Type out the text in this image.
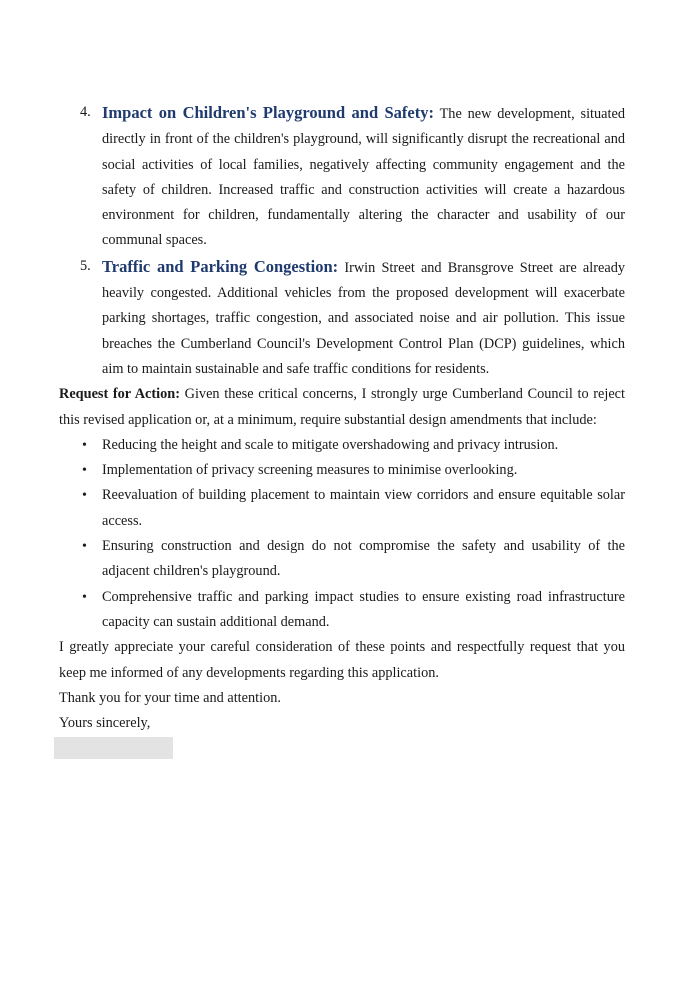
4. Impact on Children's Playground and Safety: The new development, situated directly in front of the children's playground, will significantly disrupt the recreational and social activities of local families, negatively affecting community engagement and the safety of children. Increased traffic and construction activities will create a hazardous environment for children, fundamentally altering the character and usability of our communal spaces.
5. Traffic and Parking Congestion: Irwin Street and Bransgrove Street are already heavily congested. Additional vehicles from the proposed development will exacerbate parking shortages, traffic congestion, and associated noise and air pollution. This issue breaches the Cumberland Council's Development Control Plan (DCP) guidelines, which aim to maintain sustainable and safe traffic conditions for residents.

Request for Action: Given these critical concerns, I strongly urge Cumberland Council to reject this revised application or, at a minimum, require substantial design amendments that include:

• Reducing the height and scale to mitigate overshadowing and privacy intrusion.
• Implementation of privacy screening measures to minimise overlooking.
• Reevaluation of building placement to maintain view corridors and ensure equitable solar access.
• Ensuring construction and design do not compromise the safety and usability of the adjacent children's playground.
• Comprehensive traffic and parking impact studies to ensure existing road infrastructure capacity can sustain additional demand.

I greatly appreciate your careful consideration of these points and respectfully request that you keep me informed of any developments regarding this application.

Thank you for your time and attention.

Yours sincerely,
